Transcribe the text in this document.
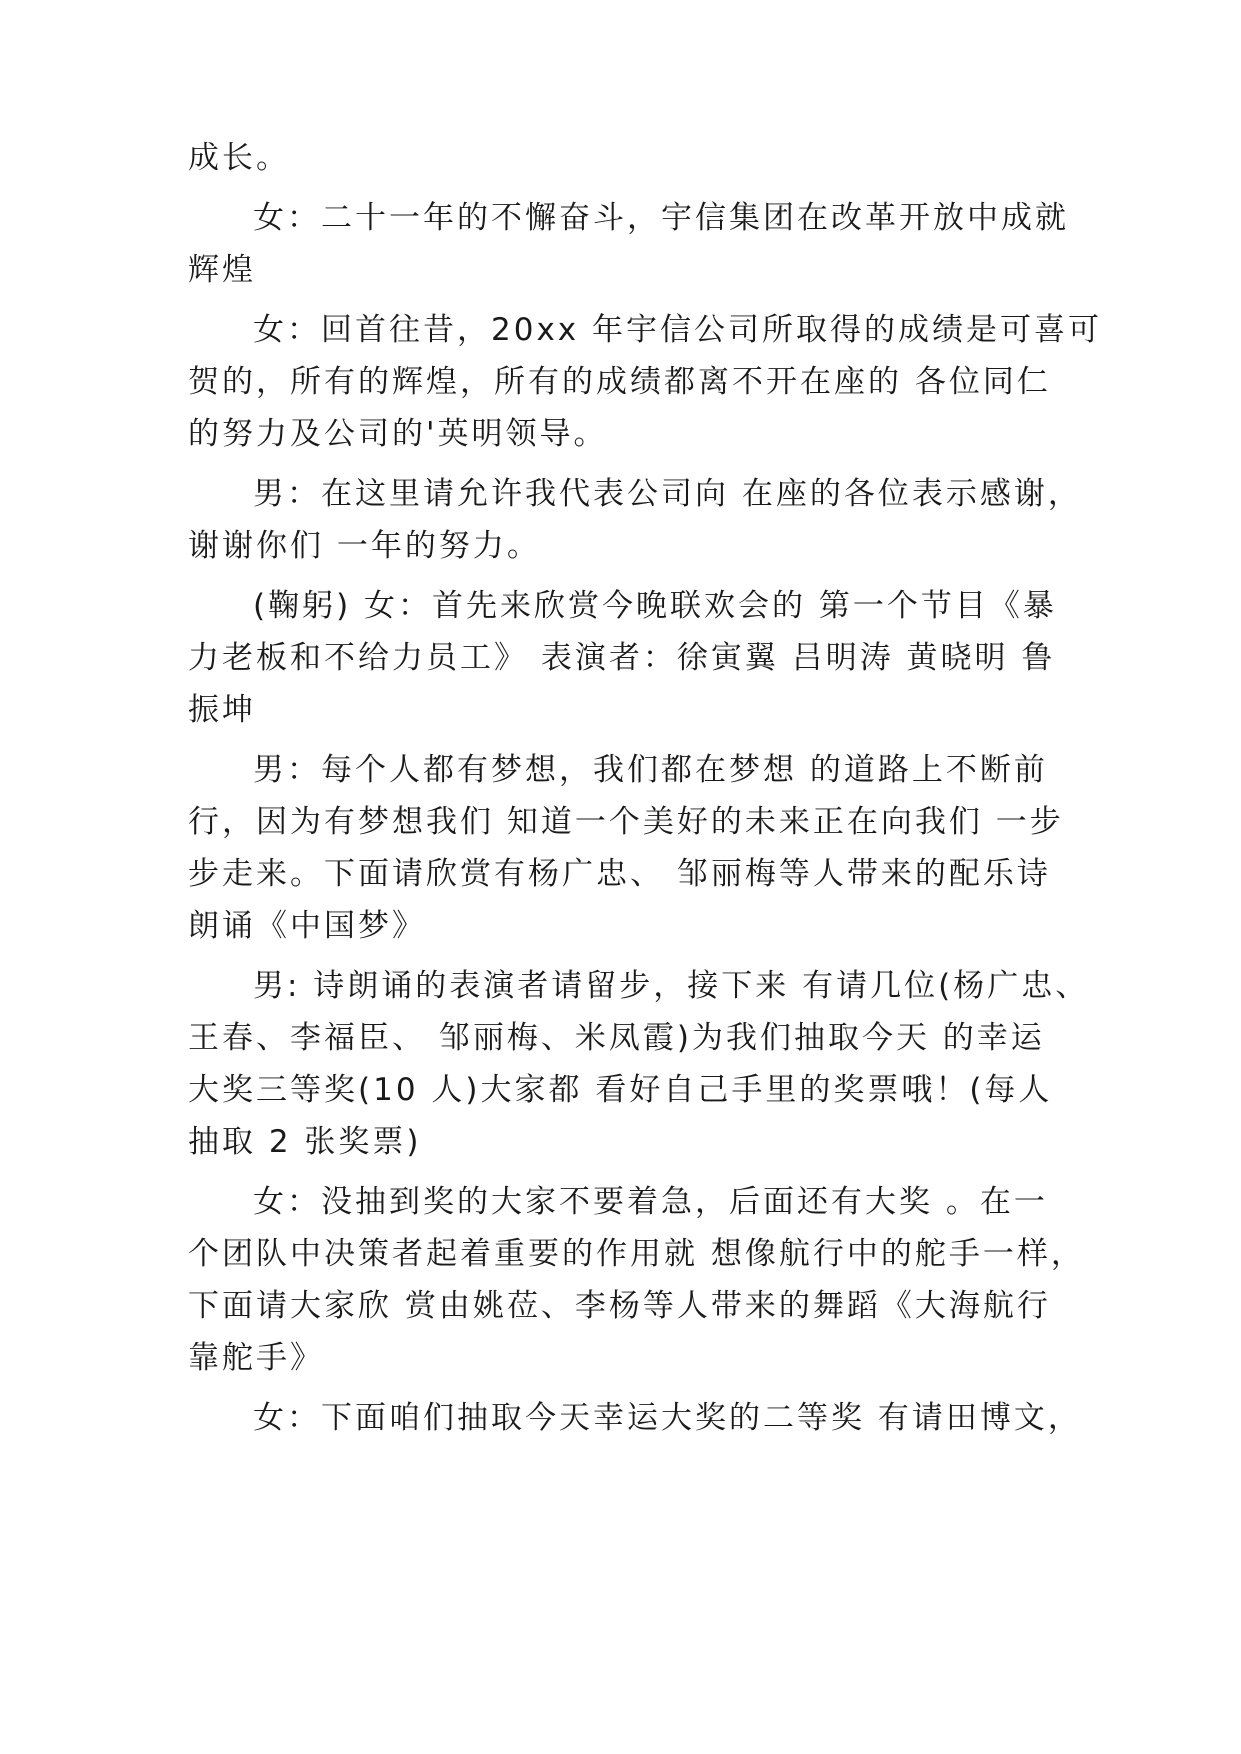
成长。
女：二十一年的不懈奋斗，宇信集团在改革开放中成就
辉煌
女：回首往昔，20xx 年宇信公司所取得的成绩是可喜可
贺的，所有的辉煌，所有的成绩都离不开在座的 各位同仁
的努力及公司的'英明领导。
男：在这里请允许我代表公司向 在座的各位表示感谢，
谢谢你们 一年的努力。
(鞠躬) 女：首先来欣赏今晚联欢会的 第一个节目《暴
力老板和不给力员工》 表演者：徐寅翼 吕明涛 黄晓明 鲁
振坤
男：每个人都有梦想，我们都在梦想 的道路上不断前
行，因为有梦想我们 知道一个美好的未来正在向我们 一步
步走来。下面请欣赏有杨广忠、 邹丽梅等人带来的配乐诗
朗诵《中国梦》
男: 诗朗诵的表演者请留步，接下来 有请几位(杨广忠、
王春、李福臣、 邹丽梅、米凤霞)为我们抽取今天 的幸运
大奖三等奖(10 人)大家都 看好自己手里的奖票哦！(每人
抽取 2 张奖票)
女：没抽到奖的大家不要着急，后面还有大奖 。在一
个团队中决策者起着重要的作用就 想像航行中的舵手一样，
下面请大家欣 赏由姚莅、李杨等人带来的舞蹈《大海航行
靠舵手》
女：下面咱们抽取今天幸运大奖的二等奖 有请田博文，
